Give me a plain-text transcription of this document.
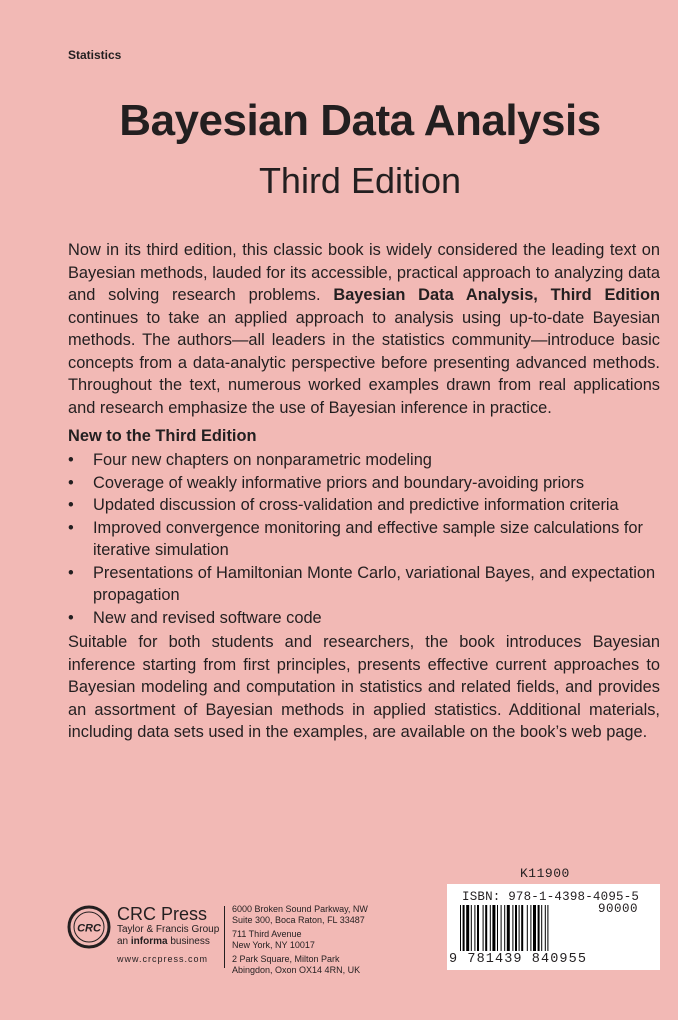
Statistics
Bayesian Data Analysis
Third Edition
Now in its third edition, this classic book is widely considered the leading text on Bayesian methods, lauded for its accessible, practical approach to analyzing data and solving research problems. Bayesian Data Analysis, Third Edition continues to take an applied approach to analysis using up-to-date Bayesian methods. The authors—all leaders in the statistics community—introduce basic concepts from a data-analytic perspective before presenting advanced methods. Throughout the text, numerous worked examples drawn from real applications and research emphasize the use of Bayesian inference in practice.
New to the Third Edition
• Four new chapters on nonparametric modeling
• Coverage of weakly informative priors and boundary-avoiding priors
• Updated discussion of cross-validation and predictive information criteria
• Improved convergence monitoring and effective sample size calculations for iterative simulation
• Presentations of Hamiltonian Monte Carlo, variational Bayes, and expectation propagation
• New and revised software code
Suitable for both students and researchers, the book introduces Bayesian inference starting from first principles, presents effective current approaches to Bayesian modeling and computation in statistics and related fields, and provides an assortment of Bayesian methods in applied statistics. Additional materials, including data sets used in the examples, are available on the book’s web page.
CRC
CRC Press
Taylor & Francis Group
an informa business
www.crcpress.com
6000 Broken Sound Parkway, NW
Suite 300, Boca Raton, FL 33487
711 Third Avenue
New York, NY 10017
2 Park Square, Milton Park
Abingdon, Oxon OX14 4RN, UK
K11900
ISBN: 978-1-4398-4095-5
90000
9 781439 840955
